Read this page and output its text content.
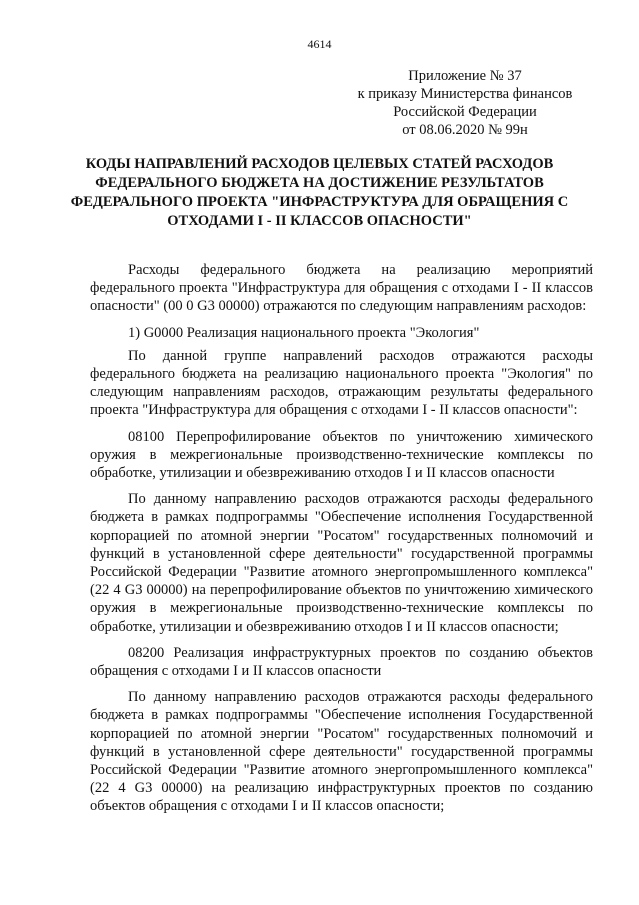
4614
Приложение № 37
к приказу Министерства финансов
Российской Федерации
от 08.06.2020 № 99н
КОДЫ НАПРАВЛЕНИЙ РАСХОДОВ ЦЕЛЕВЫХ СТАТЕЙ РАСХОДОВ ФЕДЕРАЛЬНОГО БЮДЖЕТА НА ДОСТИЖЕНИЕ РЕЗУЛЬТАТОВ ФЕДЕРАЛЬНОГО ПРОЕКТА "ИНФРАСТРУКТУРА ДЛЯ ОБРАЩЕНИЯ С ОТХОДАМИ I - II КЛАССОВ ОПАСНОСТИ"

Расходы федерального бюджета на реализацию мероприятий федерального проекта "Инфраструктура для обращения с отходами I - II классов опасности" (00 0 G3 00000) отражаются по следующим направлениям расходов:

1) G0000 Реализация национального проекта "Экология"

По данной группе направлений расходов отражаются расходы федерального бюджета на реализацию национального проекта "Экология" по следующим направлениям расходов, отражающим результаты федерального проекта "Инфраструктура для обращения с отходами I - II классов опасности":

08100 Перепрофилирование объектов по уничтожению химического оружия в межрегиональные производственно-технические комплексы по обработке, утилизации и обезвреживанию отходов I и II классов опасности

По данному направлению расходов отражаются расходы федерального бюджета в рамках подпрограммы "Обеспечение исполнения Государственной корпорацией по атомной энергии "Росатом" государственных полномочий и функций в установленной сфере деятельности" государственной программы Российской Федерации "Развитие атомного энергопромышленного комплекса" (22 4 G3 00000) на перепрофилирование объектов по уничтожению химического оружия в межрегиональные производственно-технические комплексы по обработке, утилизации и обезвреживанию отходов I и II классов опасности;

08200 Реализация инфраструктурных проектов по созданию объектов обращения с отходами I и II классов опасности

По данному направлению расходов отражаются расходы федерального бюджета в рамках подпрограммы "Обеспечение исполнения Государственной корпорацией по атомной энергии "Росатом" государственных полномочий и функций в установленной сфере деятельности" государственной программы Российской Федерации "Развитие атомного энергопромышленного комплекса" (22 4 G3 00000) на реализацию инфраструктурных проектов по созданию объектов обращения с отходами I и II классов опасности;
